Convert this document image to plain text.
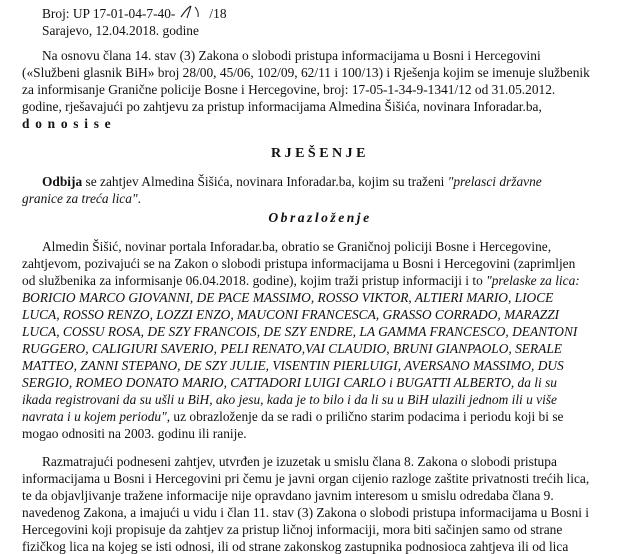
Broj: UP 17-01-04-7-40-	/18
Sarajevo, 12.04.2018. godine
Na osnovu člana 14. stav (3) Zakona o slobodi pristupa informacijama u Bosni i Hercegovini
(«Službeni glasnik BiH» broj 28/00, 45/06, 102/09, 62/11 i 100/13) i Rješenja kojim se imenuje službenik
za informisanje Graničnе policije Bosne i Hercegovine, broj: 17-05-1-34-9-1341/12 od 31.05.2012.
godine, rješavajući po zahtjevu za pristup informacijama Almedina Šišića, novinara Inforadar.ba,
d o n o s i s e
RJEŠENJE
Odbija se zahtjev Almedina Šišića, novinara Inforadar.ba, kojim su traženi "prelasci državne
granice za treća lica".
Obrazloženje
Almedin Šišić, novinar portala Inforadar.ba, obratio se Graničnoj policiji Bosne i Hercegovine,
zahtjevom, pozivajući se na Zakon o slobodi pristupa informacijama u Bosni i Hercegovini (zaprimljen
od službenika za informisanje 06.04.2018. godine), kojim traži pristup informaciji i to "prelaske za lica:
BORICIO MARCO GIOVANNI, DE PACE MASSIMO, ROSSO VIKTOR, ALTIERI MARIO, LIOCE
LUCA, ROSSO RENZO, LOZZI ENZO, MAUCONI FRANCESCA, GRASSO CORRADO, MARAZZI
LUCA, COSSU ROSA, DE SZY FRANCOIS, DE SZY ENDRE, LA GAMMA FRANCESCO, DEANTONI
RUGGERO, CALIGIURI SAVERIO, PELI RENATO,VAI CLAUDIO, BRUNI GIANPAOLO, SERALE
MATTEO, ZANNI STEPANO, DE SZY JULIE, VISENTIN PIERLUIGI, AVERSANO MASSIMO, DUS
SERGIO, ROMEO DONATO MARIO, CATTADORI LUIGI CARLO i BUGATTI ALBERTO, da li su
ikada registrovani da su ušli u BiH, ako jesu, kada je to bilo i da li su u BiH ulazili jednom ili u više
navrata i u kojem periodu", uz obrazloženje da se radi o prilično starim podacima i periodu koji bi se
mogao odnositi na 2003. godinu ili ranije.
Razmatrajući podneseni zahtjev, utvrđen je izuzetak u smislu člana 8. Zakona o slobodi pristupa
informacijama u Bosni i Hercegovini pri čemu je javni organ cijenio razloge zaštite privatnosti trećih lica,
te da objavljivanje tražene informacije nije opravdano javnim interesom u smislu odredaba člana 9.
navedenog Zakona, a imajući u vidu i član 11. stav (3) Zakona o slobodi pristupa informacijama u Bosni i
Hercegovini koji propisuje da zahtjev za pristup ličnoj informaciji, mora biti sačinjen samo od strane
fizičkog lica na kojeg se isti odnosi, ili od strane zakonskog zastupnika podnosioca zahtjeva ili od lica
